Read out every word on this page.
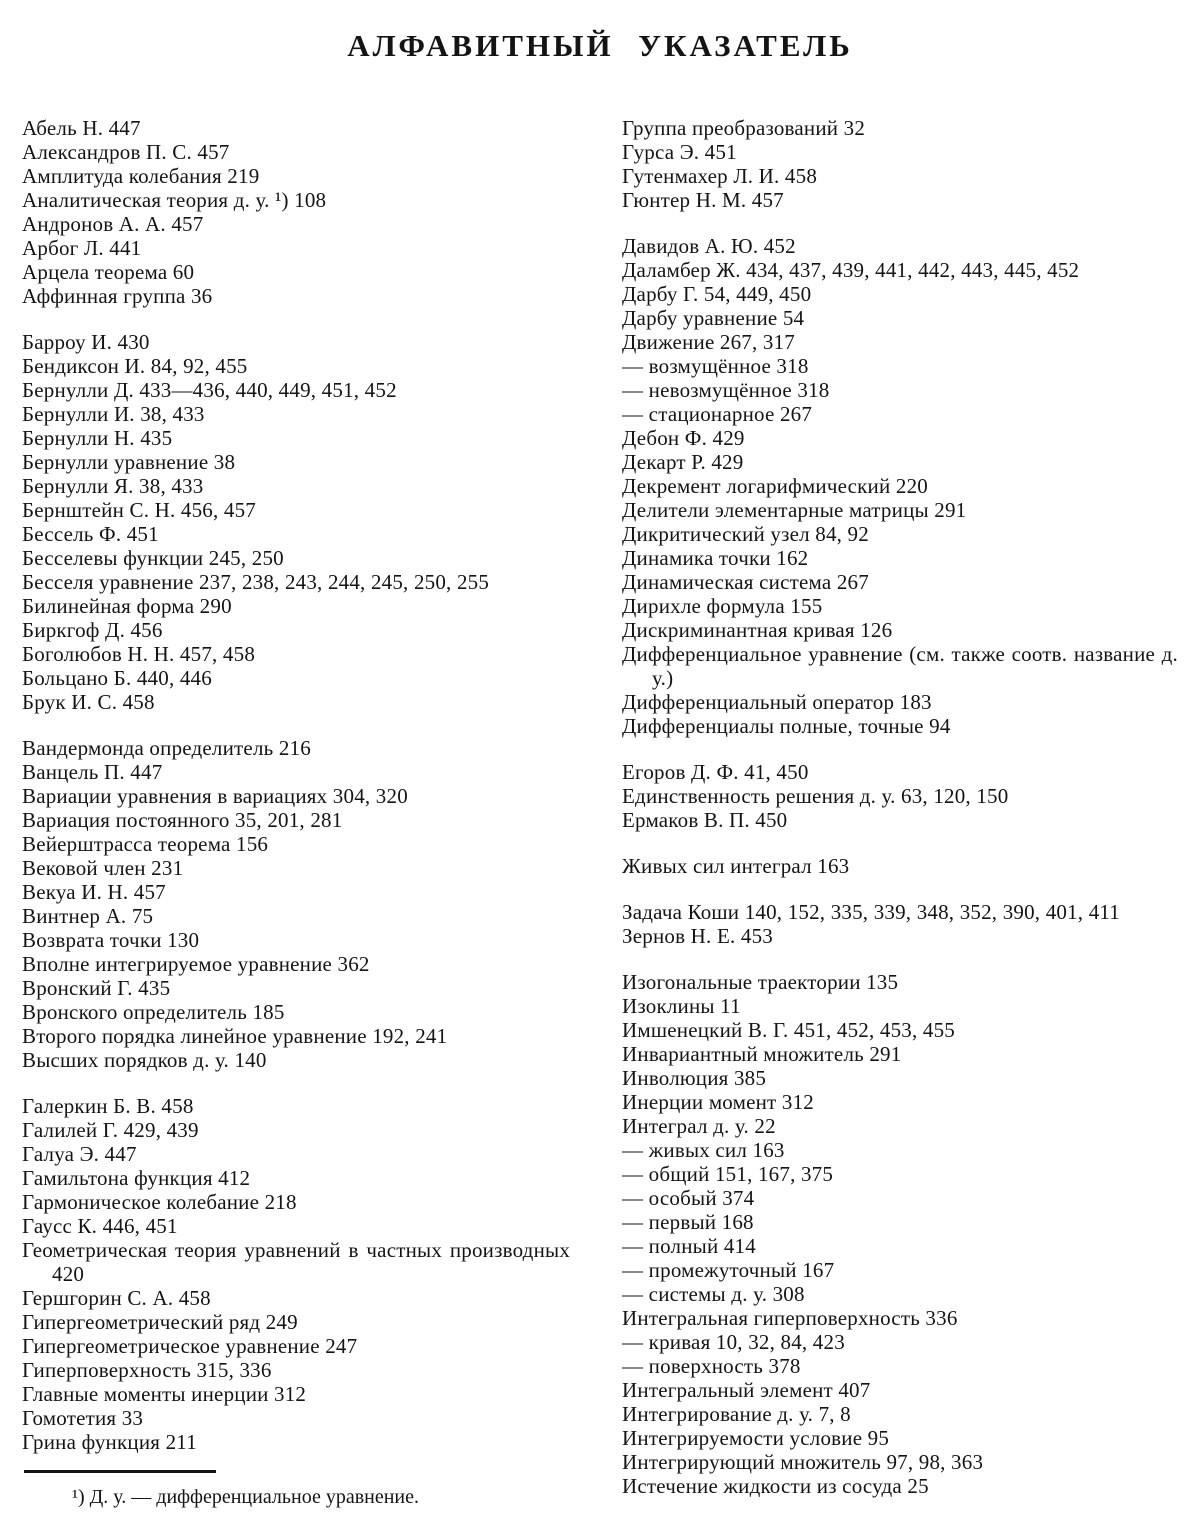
АЛФАВИТНЫЙ УКАЗАТЕЛЬ
Абель Н. 447
Александров П. С. 457
Амплитуда колебания 219
Аналитическая теория д. у. ¹) 108
Андронов А. А. 457
Арбог Л. 441
Арцела теорема 60
Аффинная группа 36
Барроу И. 430
Бендиксон И. 84, 92, 455
Бернулли Д. 433—436, 440, 449, 451, 452
Бернулли И. 38, 433
Бернулли Н. 435
Бернулли уравнение 38
Бернулли Я. 38, 433
Бернштейн С. Н. 456, 457
Бессель Ф. 451
Бесселевы функции 245, 250
Бесселя уравнение 237, 238, 243, 244, 245, 250, 255
Билинейная форма 290
Биркгоф Д. 456
Боголюбов Н. Н. 457, 458
Больцано Б. 440, 446
Брук И. С. 458
Вандермонда определитель 216
Ванцель П. 447
Вариации уравнения в вариациях 304, 320
Вариация постоянного 35, 201, 281
Вейерштрасса теорема 156
Вековой член 231
Векуа И. Н. 457
Винтнер А. 75
Возврата точки 130
Вполне интегрируемое уравнение 362
Вронский Г. 435
Вронского определитель 185
Второго порядка линейное уравнение 192, 241
Высших порядков д. у. 140
Галеркин Б. В. 458
Галилей Г. 429, 439
Галуа Э. 447
Гамильтона функция 412
Гармоническое колебание 218
Гаусс К. 446, 451
Геометрическая теория уравнений в частных производных 420
Гершгорин С. А. 458
Гипергеометрический ряд 249
Гипергеометрическое уравнение 247
Гиперповерхность 315, 336
Главные моменты инерции 312
Гомотетия 33
Грина функция 211
¹) Д. у. — дифференциальное уравнение.
Группа преобразований 32
Гурса Э. 451
Гутенмахер Л. И. 458
Гюнтер Н. М. 457
Давидов А. Ю. 452
Даламбер Ж. 434, 437, 439, 441, 442, 443, 445, 452
Дарбу Г. 54, 449, 450
Дарбу уравнение 54
Движение 267, 317
— возмущённое 318
— невозмущённое 318
— стационарное 267
Дебон Ф. 429
Декарт Р. 429
Декремент логарифмический 220
Делители элементарные матрицы 291
Дикритический узел 84, 92
Динамика точки 162
Динамическая система 267
Дирихле формула 155
Дискриминантная кривая 126
Дифференциальное уравнение (см. также соотв. название д. у.)
Дифференциальный оператор 183
Дифференциалы полные, точные 94
Егоров Д. Ф. 41, 450
Единственность решения д. у. 63, 120, 150
Ермаков В. П. 450
Живых сил интеграл 163
Задача Коши 140, 152, 335, 339, 348, 352, 390, 401, 411
Зернов Н. Е. 453
Изогональные траектории 135
Изоклины 11
Имшенецкий В. Г. 451, 452, 453, 455
Инвариантный множитель 291
Инволюция 385
Инерции момент 312
Интеграл д. у. 22
— живых сил 163
— общий 151, 167, 375
— особый 374
— первый 168
— полный 414
— промежуточный 167
— системы д. у. 308
Интегральная гиперповерхность 336
— кривая 10, 32, 84, 423
— поверхность 378
Интегральный элемент 407
Интегрирование д. у. 7, 8
Интегрируемости условие 95
Интегрирующий множитель 97, 98, 363
Истечение жидкости из сосуда 25
